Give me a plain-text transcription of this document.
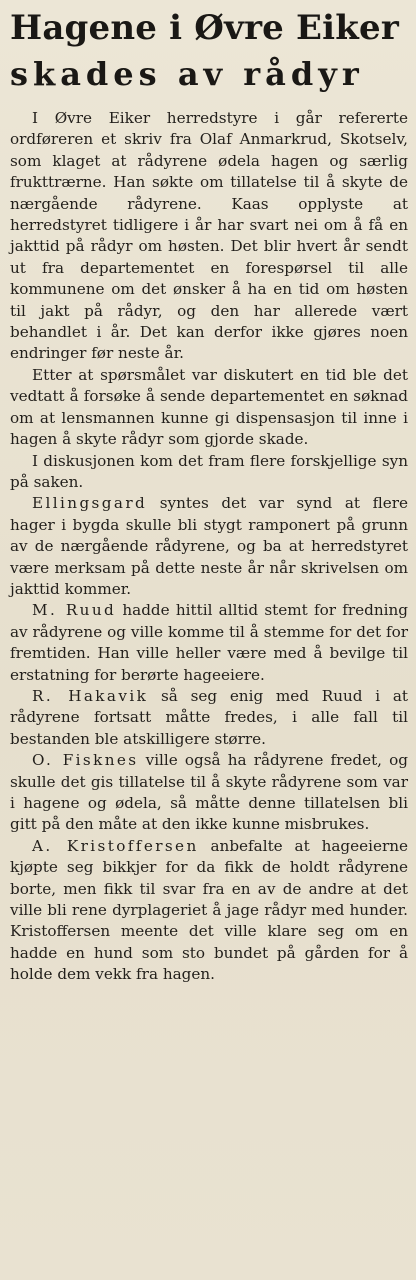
Hagene i Øvre Eiker
skades av rådyr

I Øvre Eiker herredstyre i går refererte ordføreren et skriv fra Olaf Anmarkrud, Skotselv, som klaget at rådyrene ødela hagen og særlig frukttrærne. Han søkte om tillatelse til å skyte de nærgående rådyrene. Kaas opplyste at herredstyret tidligere i år har svart nei om å få en jakttid på rådyr om høsten. Det blir hvert år sendt ut fra departementet en forespørsel til alle kommunene om det ønsker å ha en tid om høsten til jakt på rådyr, og den har allerede vært behandlet i år. Det kan derfor ikke gjøres noen endringer før neste år.

Etter at spørsmålet var diskutert en tid ble det vedtatt å forsøke å sende departementet en søknad om at lensmannen kunne gi dispensasjon til inne i hagen å skyte rådyr som gjorde skade.

I diskusjonen kom det fram flere forskjellige syn på saken.

Ellingsgard syntes det var synd at flere hager i bygda skulle bli stygt ramponert på grunn av de nærgående rådyrene, og ba at herredstyret være merksam på dette neste år når skrivelsen om jakttid kommer.

M. Ruud hadde hittil alltid stemt for fredning av rådyrene og ville komme til å stemme for det for fremtiden. Han ville heller være med å bevilge til erstatning for berørte hageeiere.

R. Hakavik så seg enig med Ruud i at rådyrene fortsatt måtte fredes, i alle fall til bestanden ble atskilligere større.

O. Fisknes ville også ha rådyrene fredet, og skulle det gis tillatelse til å skyte rådyrene som var i hagene og ødela, så måtte denne tillatelsen bli gitt på den måte at den ikke kunne misbrukes.

A. Kristoffersen anbefalte at hageeierne kjøpte seg bikkjer for da fikk de holdt rådyrene borte, men fikk til svar fra en av de andre at det ville bli rene dyrplageriet å jage rådyr med hunder. Kristoffersen meente det ville klare seg om en hadde en hund som sto bundet på gården for å holde dem vekk fra hagen.
